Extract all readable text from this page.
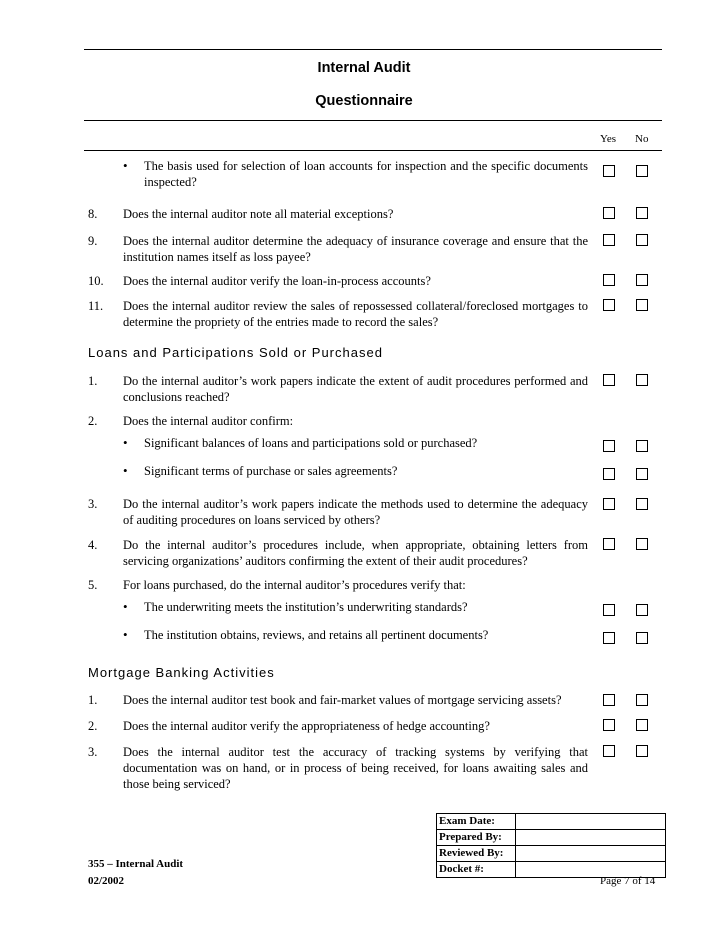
Internal Audit
Questionnaire
Yes No
• The basis used for selection of loan accounts for inspection and the specific documents inspected?
8. Does the internal auditor note all material exceptions?
9. Does the internal auditor determine the adequacy of insurance coverage and ensure that the institution names itself as loss payee?
10. Does the internal auditor verify the loan-in-process accounts?
11. Does the internal auditor review the sales of repossessed collateral/foreclosed mortgages to determine the propriety of the entries made to record the sales?
Loans and Participations Sold or Purchased
1. Do the internal auditor’s work papers indicate the extent of audit procedures performed and conclusions reached?
2. Does the internal auditor confirm:
• Significant balances of loans and participations sold or purchased?
• Significant terms of purchase or sales agreements?
3. Do the internal auditor’s work papers indicate the methods used to determine the adequacy of auditing procedures on loans serviced by others?
4. Do the internal auditor’s procedures include, when appropriate, obtaining letters from servicing organizations’ auditors confirming the extent of their audit procedures?
5. For loans purchased, do the internal auditor’s procedures verify that:
• The underwriting meets the institution’s underwriting standards?
• The institution obtains, reviews, and retains all pertinent documents?
Mortgage Banking Activities
1. Does the internal auditor test book and fair-market values of mortgage servicing assets?
2. Does the internal auditor verify the appropriateness of hedge accounting?
3. Does the internal auditor test the accuracy of tracking systems by verifying that documentation was on hand, or in process of being received, for loans awaiting sales and those being serviced?
Exam Date:	
Prepared By:	
Reviewed By:	
Docket #:	
355 – Internal Audit
02/2002	Page 7 of 14
